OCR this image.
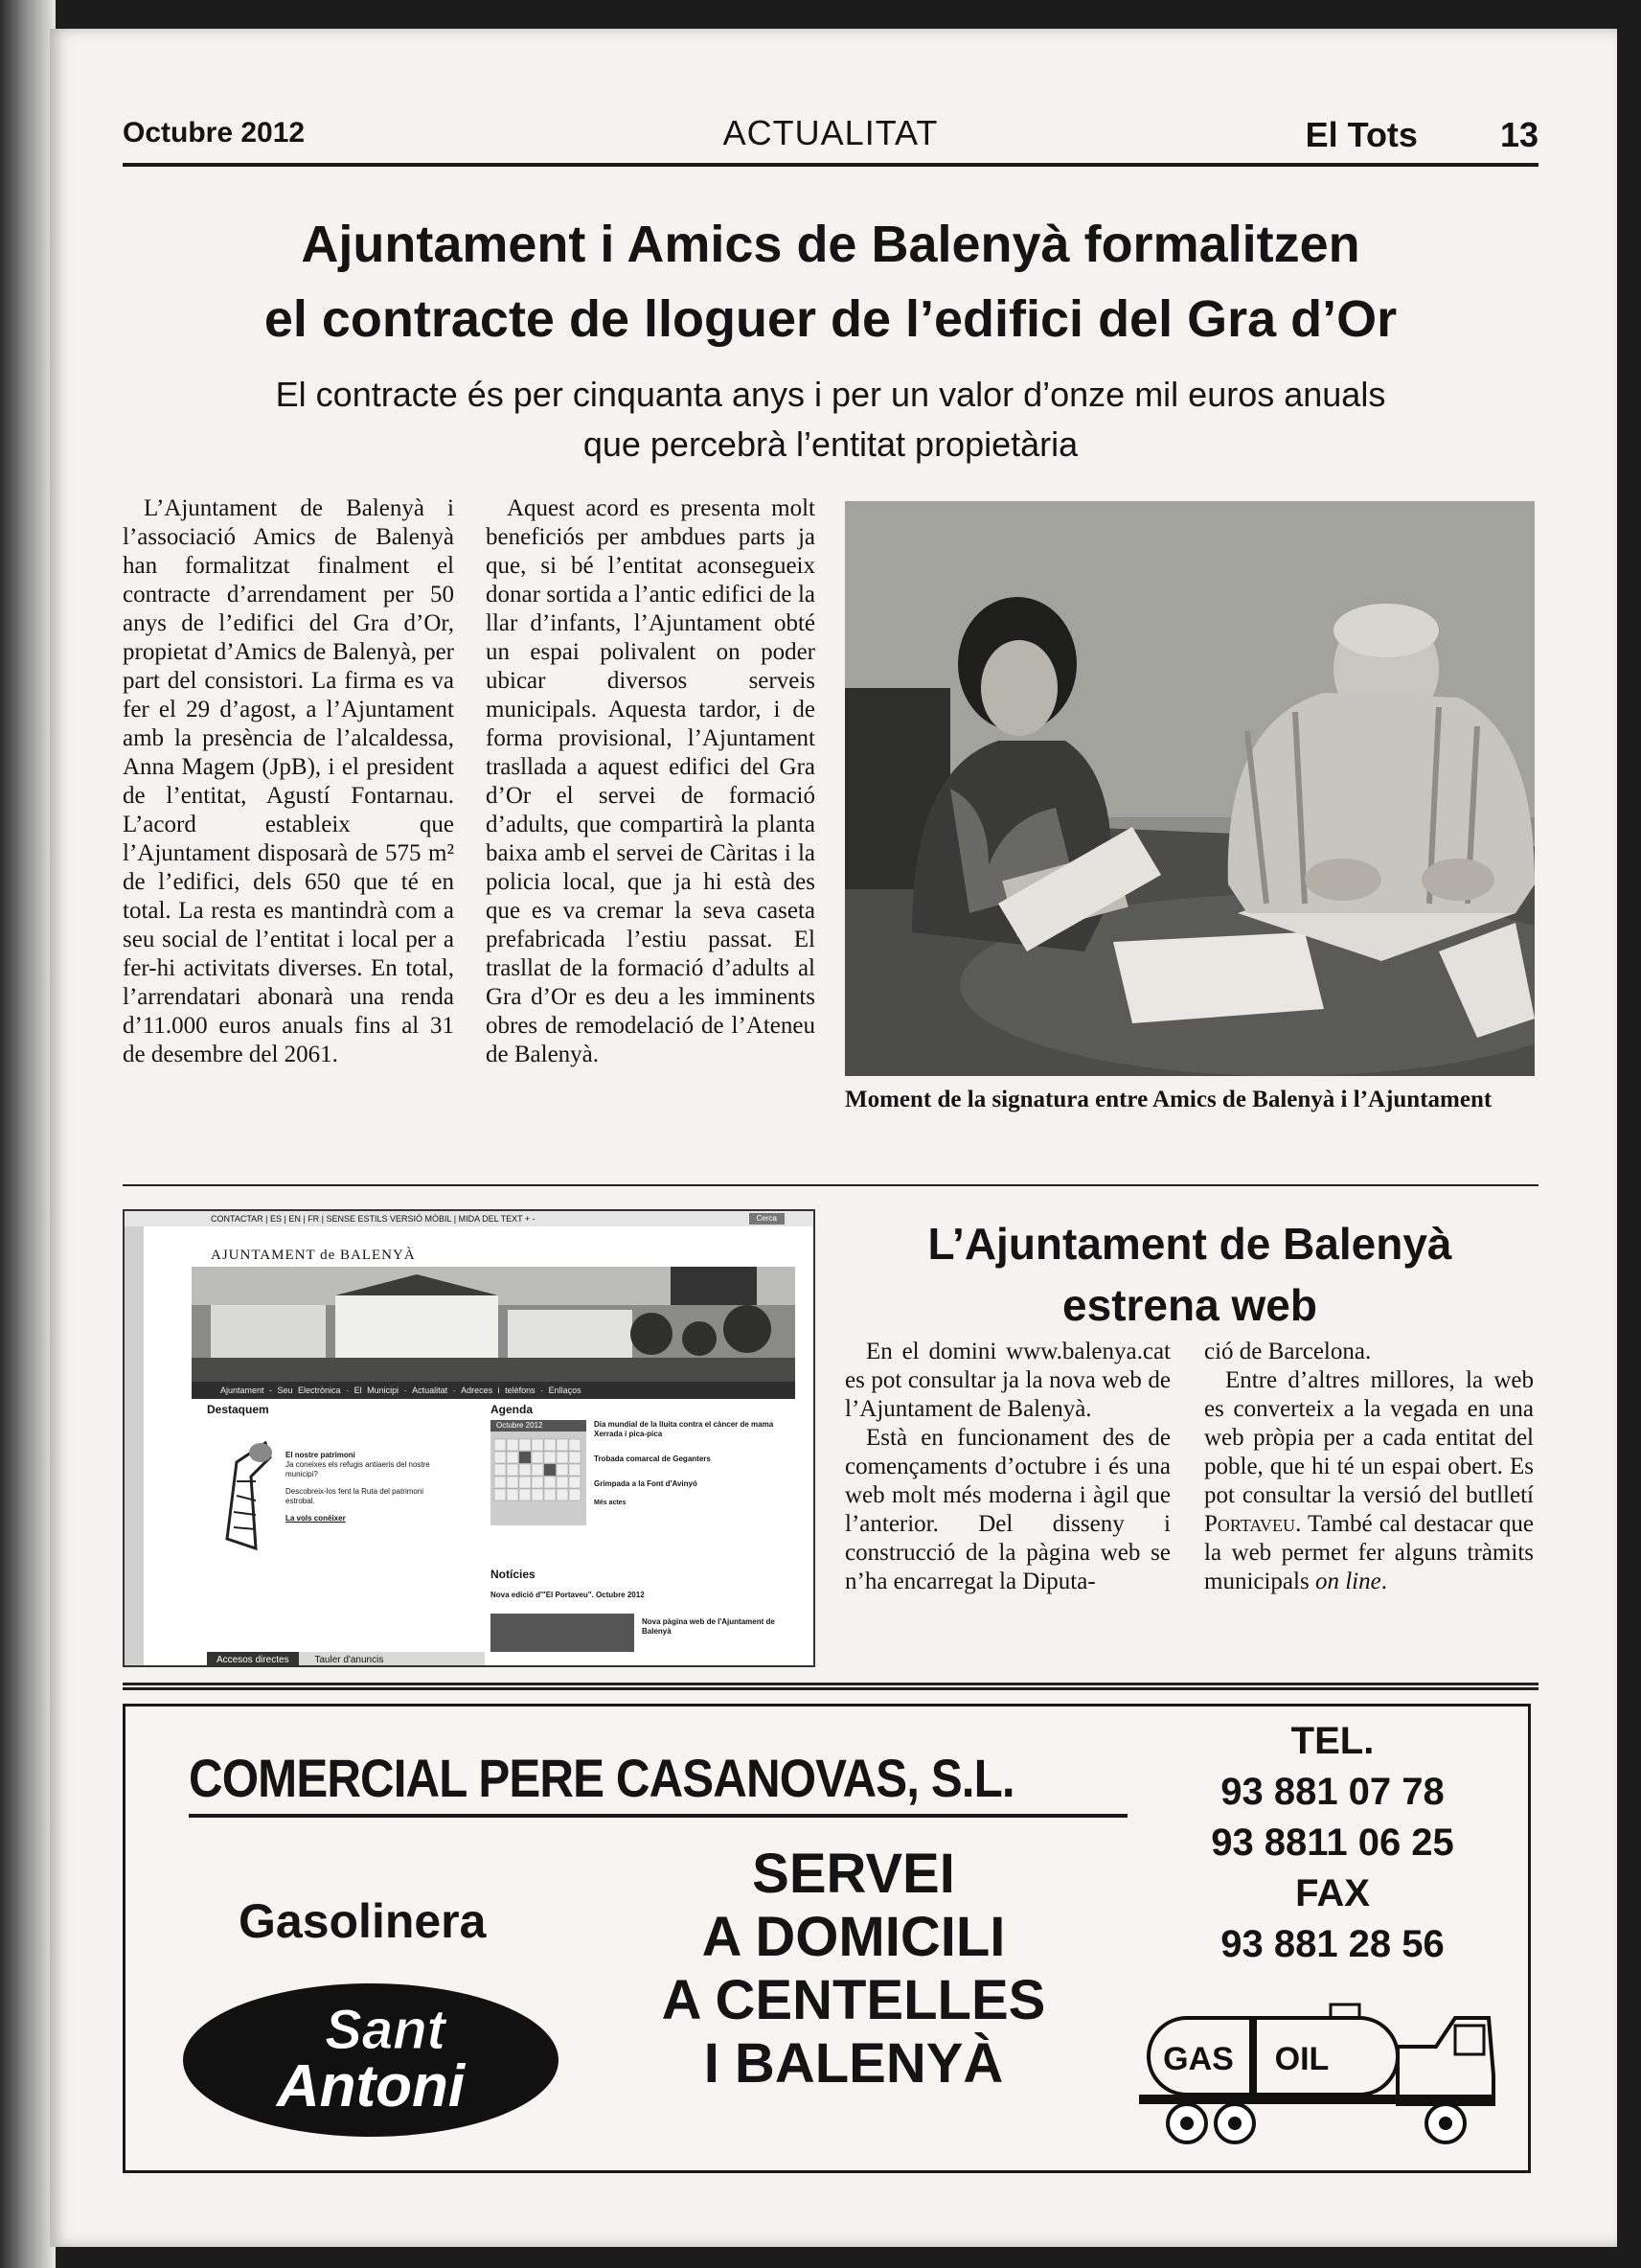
Octubre 2012	ACTUALITAT	El Tots 13
Ajuntament i Amics de Balenyà formalitzen
el contracte de lloguer de l’edifici del Gra d’Or
El contracte és per cinquanta anys i per un valor d’onze mil euros anuals
que percebrà l’entitat propietària

L’Ajuntament de Balenyà i l’associació Amics de Balenyà han formalitzat finalment el contracte d’arrendament per 50 anys de l’edifici del Gra d’Or, propietat d’Amics de Balenyà, per part del consistori. La firma es va fer el 29 d’agost, a l’Ajuntament amb la presència de l’alcaldessa, Anna Magem (JpB), i el president de l’entitat, Agustí Fontarnau. L’acord estableix que l’Ajuntament disposarà de 575 m² de l’edifici, dels 650 que té en total. La resta es mantindrà com a seu social de l’entitat i local per a fer-hi activitats diverses. En total, l’arrendatari abonarà una renda d’11.000 euros anuals fins al 31 de desembre del 2061.

Aquest acord es presenta molt beneficiós per ambdues parts ja que, si bé l’entitat aconsegueix donar sortida a l’antic edifici de la llar d’infants, l’Ajuntament obté un espai polivalent on poder ubicar diversos serveis municipals. Aquesta tardor, i de forma provisional, l’Ajuntament trasllada a aquest edifici del Gra d’Or el servei de formació d’adults, que compartirà la planta baixa amb el servei de Càritas i la policia local, que ja hi està des que es va cremar la seva caseta prefabricada l’estiu passat. El trasllat de la formació d’adults al Gra d’Or es deu a les imminents obres de remodelació de l’Ateneu de Balenyà.

Moment de la signatura entre Amics de Balenyà i l’Ajuntament
CONTACTAR | ES | EN | FR | SENSE ESTILS VERSIÓ MÒBIL | MIDA DEL TEXT + -	Cerca
AJUNTAMENT de BALENYÀ
Ajuntament - Seu Electrònica · El Municipi · Actualitat · Adreces i telèfons · Enllaços
Destaquem
El nostre patrimoni
Ja coneixes els refugis antiaeris del nostre municipi?
Descobreix-los fent la Ruta del patrimoni estrobal.
La vols conèixer
Agenda
Octubre 2012	Dia mundial de la lluita contra el càncer de mama Xerrada i pica-pica
Trobada comarcal de Geganters
Grimpada a la Font d'Avinyó
Més actes
Notícies
Nova edició d'"El Portaveu". Octubre 2012
Nova pàgina web de l'Ajuntament de Balenyà
Accesos directes	Tauler d'anuncis
L’Ajuntament de Balenyà
estrena web

En el domini www.balenya.cat es pot consultar ja la nova web de l’Ajuntament de Balenyà.

Està en funcionament des de començaments d’octubre i és una web molt més moderna i àgil que l’anterior. Del disseny i construcció de la pàgina web se n’ha encarregat la Diputa-

ció de Barcelona.

Entre d’altres millores, la web es converteix a la vegada en una web pròpia per a cada entitat del poble, que hi té un espai obert. Es pot consultar la versió del butlletí Portaveu. També cal destacar que la web permet fer alguns tràmits municipals on line.

COMERCIAL PERE CASANOVAS, S.L.
Gasolinera
SERVEI
A DOMICILI
A CENTELLES
I BALENYÀ
TEL.
93 881 07 78
93 8811 06 25
FAX
93 881 28 56
Sant
Antoni	GAS OIL
